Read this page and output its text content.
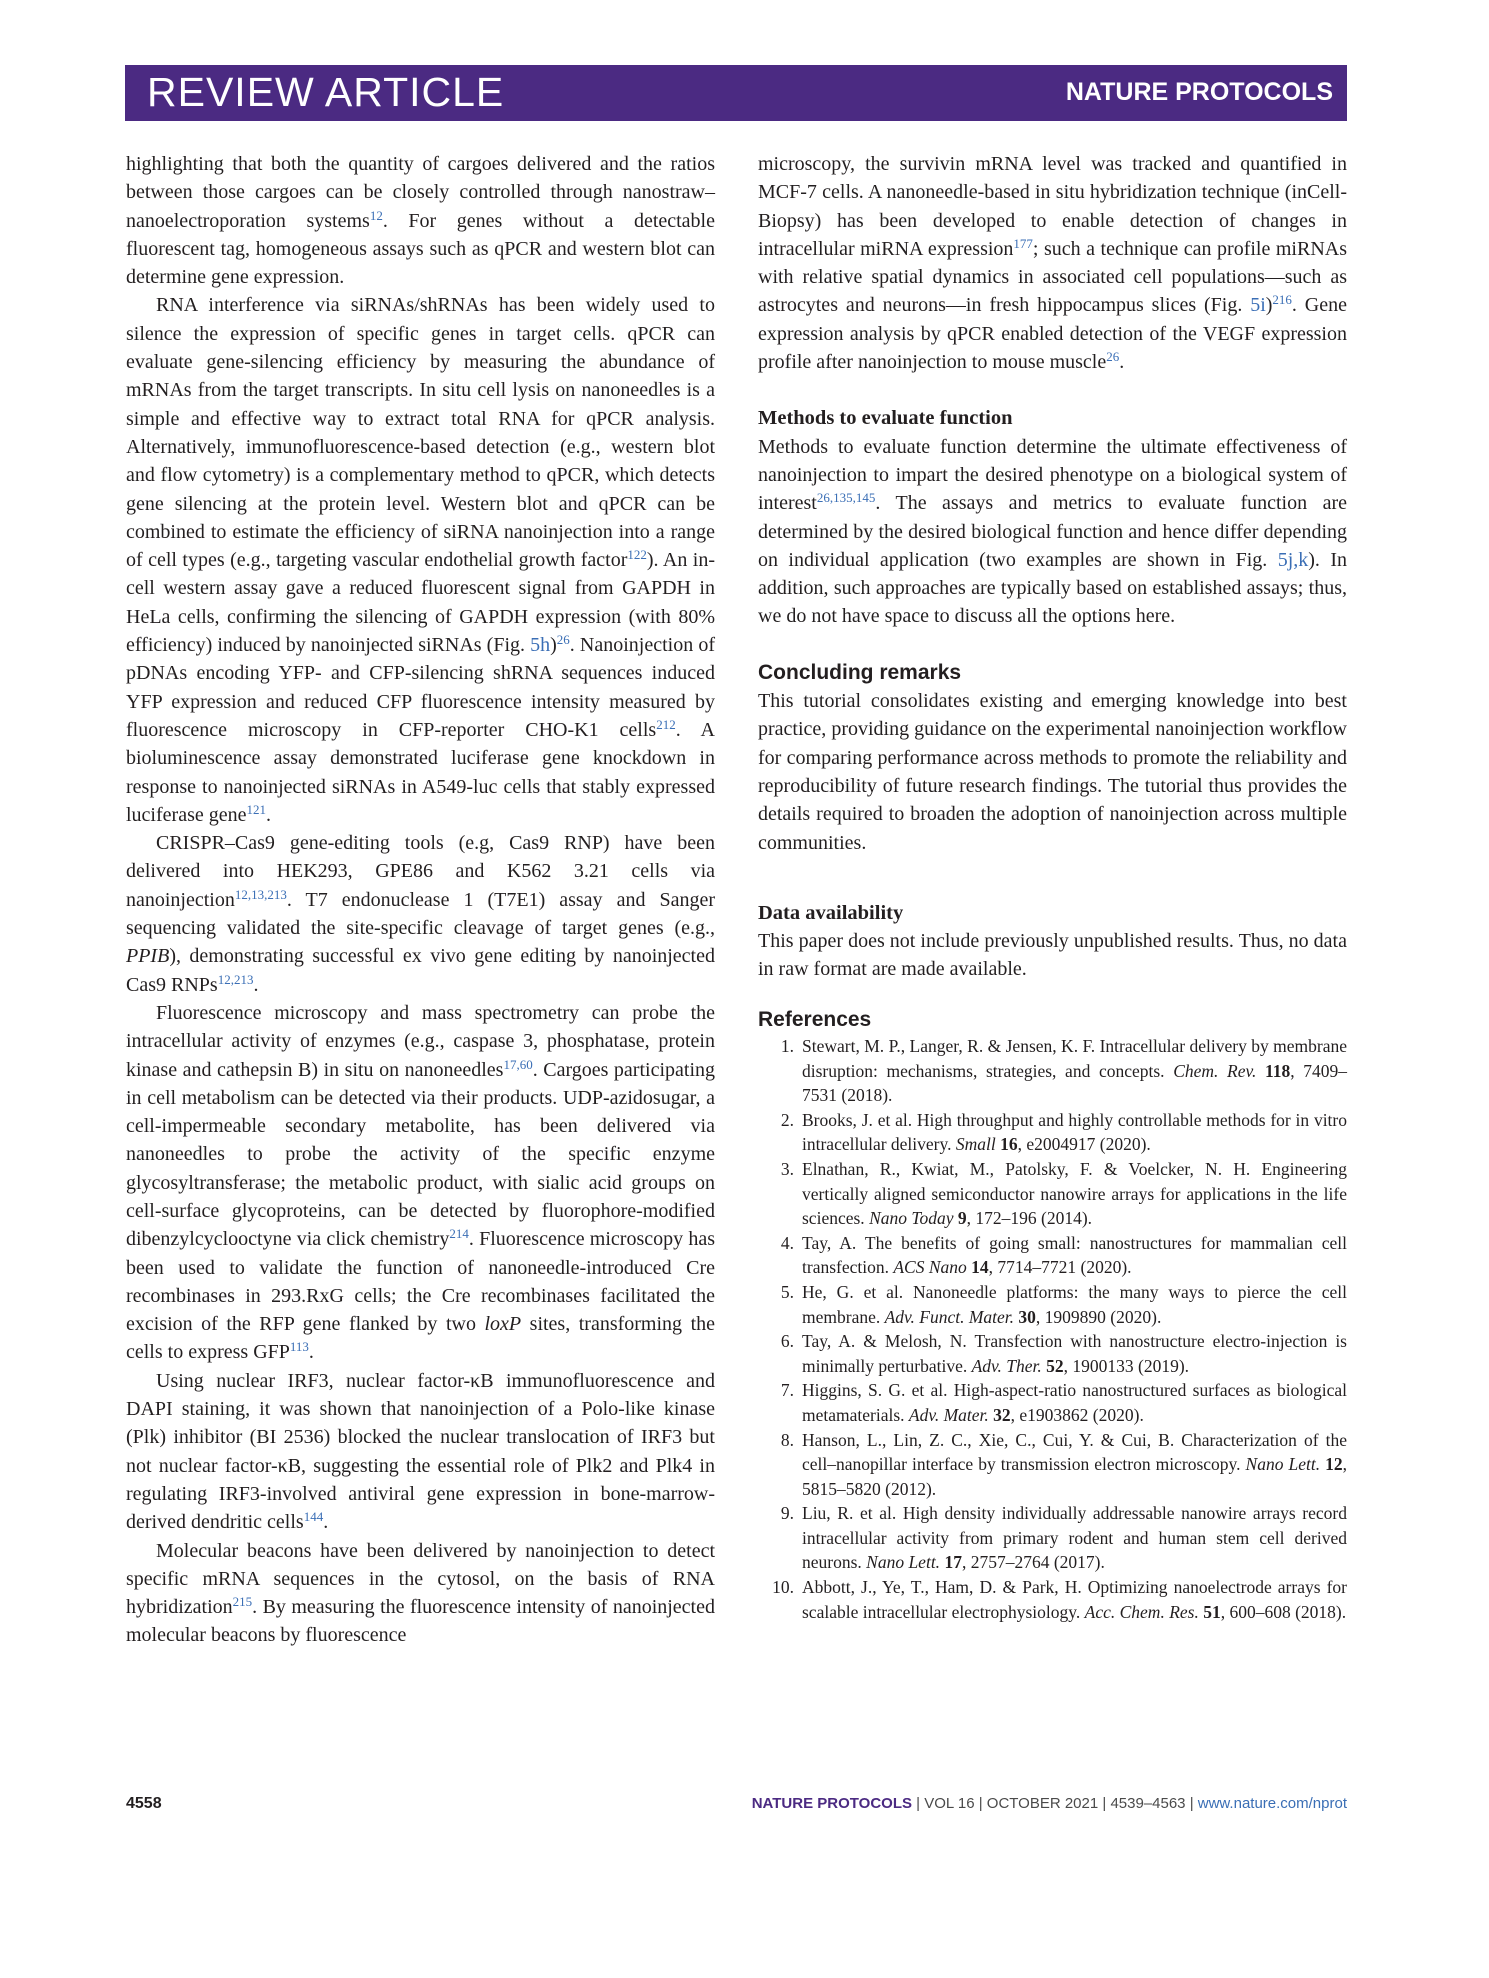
REVIEW ARTICLE	NATURE PROTOCOLS

highlighting that both the quantity of cargoes delivered and the ratios between those cargoes can be closely controlled through nanostraw–nanoelectroporation systems$^{12}$. For genes without a detectable fluorescent tag, homogeneous assays such as qPCR and western blot can determine gene expression.

RNA interference via siRNAs/shRNAs has been widely used to silence the expression of specific genes in target cells. qPCR can evaluate gene-silencing efficiency by measuring the abundance of mRNAs from the target transcripts. In situ cell lysis on nanoneedles is a simple and effective way to extract total RNA for qPCR analysis. Alternatively, immunofluorescence-based detection (e.g., western blot and flow cytometry) is a complementary method to qPCR, which detects gene silencing at the protein level. Western blot and qPCR can be combined to estimate the efficiency of siRNA nanoinjection into a range of cell types (e.g., targeting vascular endothelial growth factor$^{122}$). An in-cell western assay gave a reduced fluorescent signal from GAPDH in HeLa cells, confirming the silencing of GAPDH expression (with 80% efficiency) induced by nanoinjected siRNAs (Fig. 5h)$^{26}$. Nanoinjection of pDNAs encoding YFP- and CFP-silencing shRNA sequences induced YFP expression and reduced CFP fluorescence intensity measured by fluorescence microscopy in CFP-reporter CHO-K1 cells$^{212}$. A bioluminescence assay demonstrated luciferase gene knockdown in response to nanoinjected siRNAs in A549-luc cells that stably expressed luciferase gene$^{121}$.

CRISPR–Cas9 gene-editing tools (e.g, Cas9 RNP) have been delivered into HEK293, GPE86 and K562 3.21 cells via nanoinjection$^{12,13,213}$. T7 endonuclease 1 (T7E1) assay and Sanger sequencing validated the site-specific cleavage of target genes (e.g., PPIB), demonstrating successful ex vivo gene editing by nanoinjected Cas9 RNPs$^{12,213}$.

Fluorescence microscopy and mass spectrometry can probe the intracellular activity of enzymes (e.g., caspase 3, phosphatase, protein kinase and cathepsin B) in situ on nanoneedles$^{17,60}$. Cargoes participating in cell metabolism can be detected via their products. UDP-azidosugar, a cell-impermeable secondary metabolite, has been delivered via nanoneedles to probe the activity of the specific enzyme glycosyltransferase; the metabolic product, with sialic acid groups on cell-surface glycoproteins, can be detected by fluorophore-modified dibenzylcyclooctyne via click chemistry$^{214}$. Fluorescence microscopy has been used to validate the function of nanoneedle-introduced Cre recombinases in 293.RxG cells; the Cre recombinases facilitated the excision of the RFP gene flanked by two loxP sites, transforming the cells to express GFP$^{113}$.

Using nuclear IRF3, nuclear factor-κB immunofluorescence and DAPI staining, it was shown that nanoinjection of a Polo-like kinase (Plk) inhibitor (BI 2536) blocked the nuclear translocation of IRF3 but not nuclear factor-κB, suggesting the essential role of Plk2 and Plk4 in regulating IRF3-involved antiviral gene expression in bone-marrow-derived dendritic cells$^{144}$.

Molecular beacons have been delivered by nanoinjection to detect specific mRNA sequences in the cytosol, on the basis of RNA hybridization$^{215}$. By measuring the fluorescence intensity of nanoinjected molecular beacons by fluorescence

microscopy, the survivin mRNA level was tracked and quantified in MCF-7 cells. A nanoneedle-based in situ hybridization technique (inCell-Biopsy) has been developed to enable detection of changes in intracellular miRNA expression$^{177}$; such a technique can profile miRNAs with relative spatial dynamics in associated cell populations—such as astrocytes and neurons—in fresh hippocampus slices (Fig. 5i)$^{216}$. Gene expression analysis by qPCR enabled detection of the VEGF expression profile after nanoinjection to mouse muscle$^{26}$.

Methods to evaluate function

Methods to evaluate function determine the ultimate effectiveness of nanoinjection to impart the desired phenotype on a biological system of interest$^{26,135,145}$. The assays and metrics to evaluate function are determined by the desired biological function and hence differ depending on individual application (two examples are shown in Fig. 5j,k). In addition, such approaches are typically based on established assays; thus, we do not have space to discuss all the options here.

Concluding remarks

This tutorial consolidates existing and emerging knowledge into best practice, providing guidance on the experimental nanoinjection workflow for comparing performance across methods to promote the reliability and reproducibility of future research findings. The tutorial thus provides the details required to broaden the adoption of nanoinjection across multiple communities.

Data availability

This paper does not include previously unpublished results. Thus, no data in raw format are made available.

References
1. Stewart, M. P., Langer, R. & Jensen, K. F. Intracellular delivery by membrane disruption: mechanisms, strategies, and concepts. Chem. Rev. 118, 7409–7531 (2018).
2. Brooks, J. et al. High throughput and highly controllable methods for in vitro intracellular delivery. Small 16, e2004917 (2020).
3. Elnathan, R., Kwiat, M., Patolsky, F. & Voelcker, N. H. Engineering vertically aligned semiconductor nanowire arrays for applications in the life sciences. Nano Today 9, 172–196 (2014).
4. Tay, A. The benefits of going small: nanostructures for mammalian cell transfection. ACS Nano 14, 7714–7721 (2020).
5. He, G. et al. Nanoneedle platforms: the many ways to pierce the cell membrane. Adv. Funct. Mater. 30, 1909890 (2020).
6. Tay, A. & Melosh, N. Transfection with nanostructure electro-injection is minimally perturbative. Adv. Ther. 52, 1900133 (2019).
7. Higgins, S. G. et al. High-aspect-ratio nanostructured surfaces as biological metamaterials. Adv. Mater. 32, e1903862 (2020).
8. Hanson, L., Lin, Z. C., Xie, C., Cui, Y. & Cui, B. Characterization of the cell–nanopillar interface by transmission electron microscopy. Nano Lett. 12, 5815–5820 (2012).
9. Liu, R. et al. High density individually addressable nanowire arrays record intracellular activity from primary rodent and human stem cell derived neurons. Nano Lett. 17, 2757–2764 (2017).
10. Abbott, J., Ye, T., Ham, D. & Park, H. Optimizing nanoelectrode arrays for scalable intracellular electrophysiology. Acc. Chem. Res. 51, 600–608 (2018).
4558	NATURE PROTOCOLS | VOL 16 | OCTOBER 2021 | 4539–4563 | www.nature.com/nprot
